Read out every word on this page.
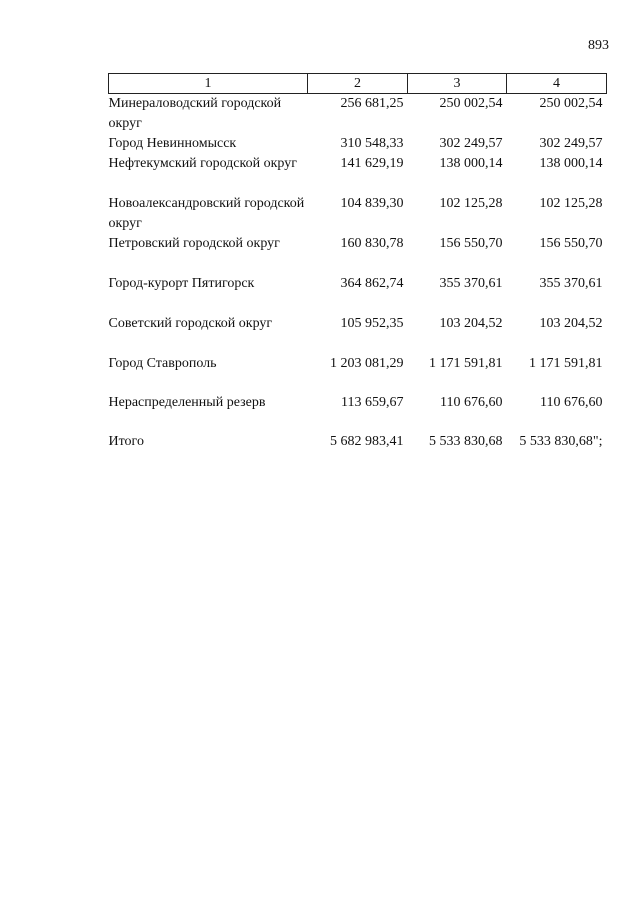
893
1	2	3	4
Минераловодский городской округ	256 681,25	250 002,54	250 002,54
Город Невинномысск	310 548,33	302 249,57	302 249,57
Нефтекумский городской округ	141 629,19	138 000,14	138 000,14
Новоалександровский городской округ	104 839,30	102 125,28	102 125,28
Петровский городской округ	160 830,78	156 550,70	156 550,70
Город-курорт Пятигорск	364 862,74	355 370,61	355 370,61
Советский городской округ	105 952,35	103 204,52	103 204,52
Город Ставрополь	1 203 081,29	1 171 591,81	1 171 591,81

Нераспределенный резерв	113 659,67	110 676,60	110 676,60

Итого	5 682 983,41	5 533 830,68	5 533 830,68";
